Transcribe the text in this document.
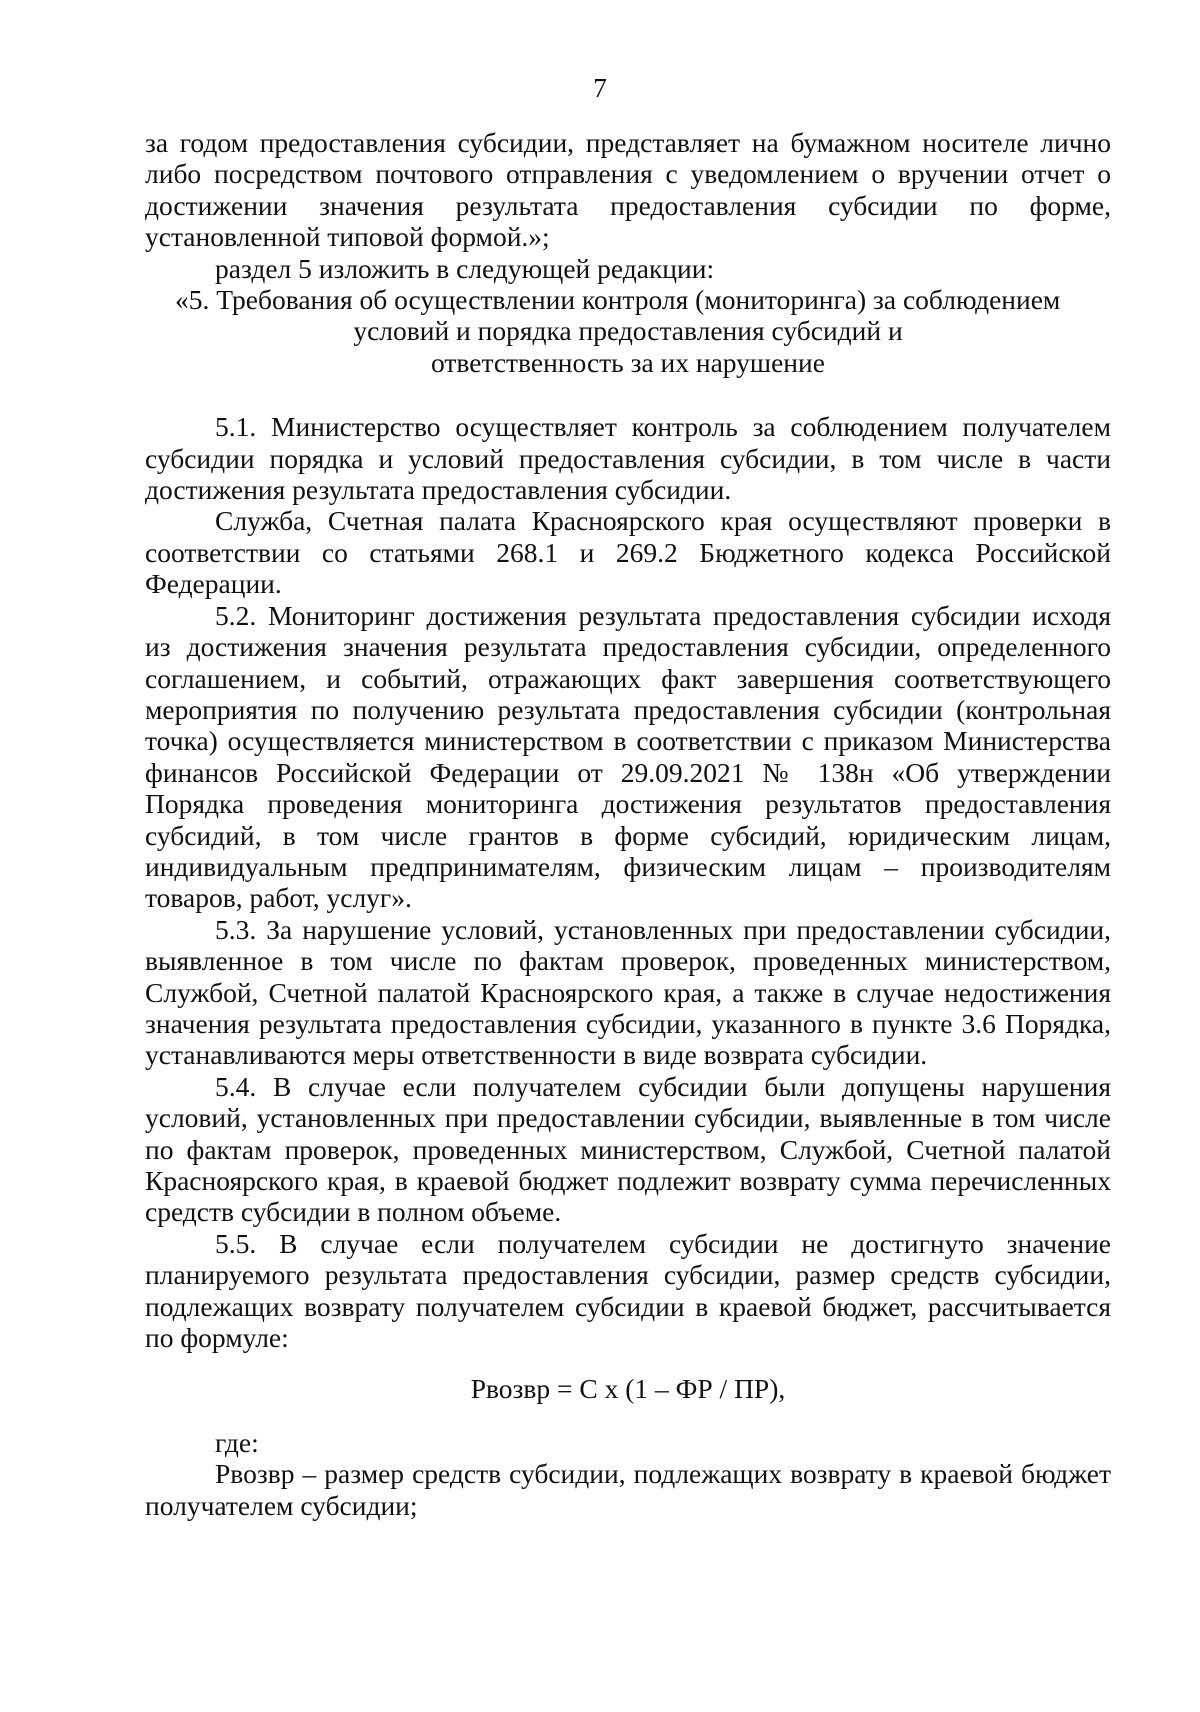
7

за годом предоставления субсидии, представляет на бумажном носителе лично либо посредством почтового отправления с уведомлением о вручении отчет о достижении значения результата предоставления субсидии по форме, установленной типовой формой.»;

раздел 5 изложить в следующей редакции:

«5. Требования об осуществлении контроля (мониторинга) за соблюдением

условий и порядка предоставления субсидий и

ответственность за их нарушение

5.1. Министерство осуществляет контроль за соблюдением получателем субсидии порядка и условий предоставления субсидии, в том числе в части достижения результата предоставления субсидии.

Служба, Счетная палата Красноярского края осуществляют проверки в соответствии со статьями 268.1 и 269.2 Бюджетного кодекса Российской Федерации.

5.2. Мониторинг достижения результата предоставления субсидии исходя из достижения значения результата предоставления субсидии, определенного соглашением, и событий, отражающих факт завершения соответствующего мероприятия по получению результата предоставления субсидии (контрольная точка) осуществляется министерством в соответствии с приказом Министерства финансов Российской Федерации от 29.09.2021 № 138н «Об утверждении Порядка проведения мониторинга достижения результатов предоставления субсидий, в том числе грантов в форме субсидий, юридическим лицам, индивидуальным предпринимателям, физическим лицам – производителям товаров, работ, услуг».

5.3. За нарушение условий, установленных при предоставлении субсидии, выявленное в том числе по фактам проверок, проведенных министерством, Службой, Счетной палатой Красноярского края, а также в случае недостижения значения результата предоставления субсидии, указанного в пункте 3.6 Порядка, устанавливаются меры ответственности в виде возврата субсидии.

5.4. В случае если получателем субсидии были допущены нарушения условий, установленных при предоставлении субсидии, выявленные в том числе по фактам проверок, проведенных министерством, Службой, Счетной палатой Красноярского края, в краевой бюджет подлежит возврату сумма перечисленных средств субсидии в полном объеме.

5.5. В случае если получателем субсидии не достигнуто значение планируемого результата предоставления субсидии, размер средств субсидии, подлежащих возврату получателем субсидии в краевой бюджет, рассчитывается по формуле:

Рвозвр = С х (1 – ФР / ПР),

где:

Рвозвр – размер средств субсидии, подлежащих возврату в краевой бюджет получателем субсидии;
